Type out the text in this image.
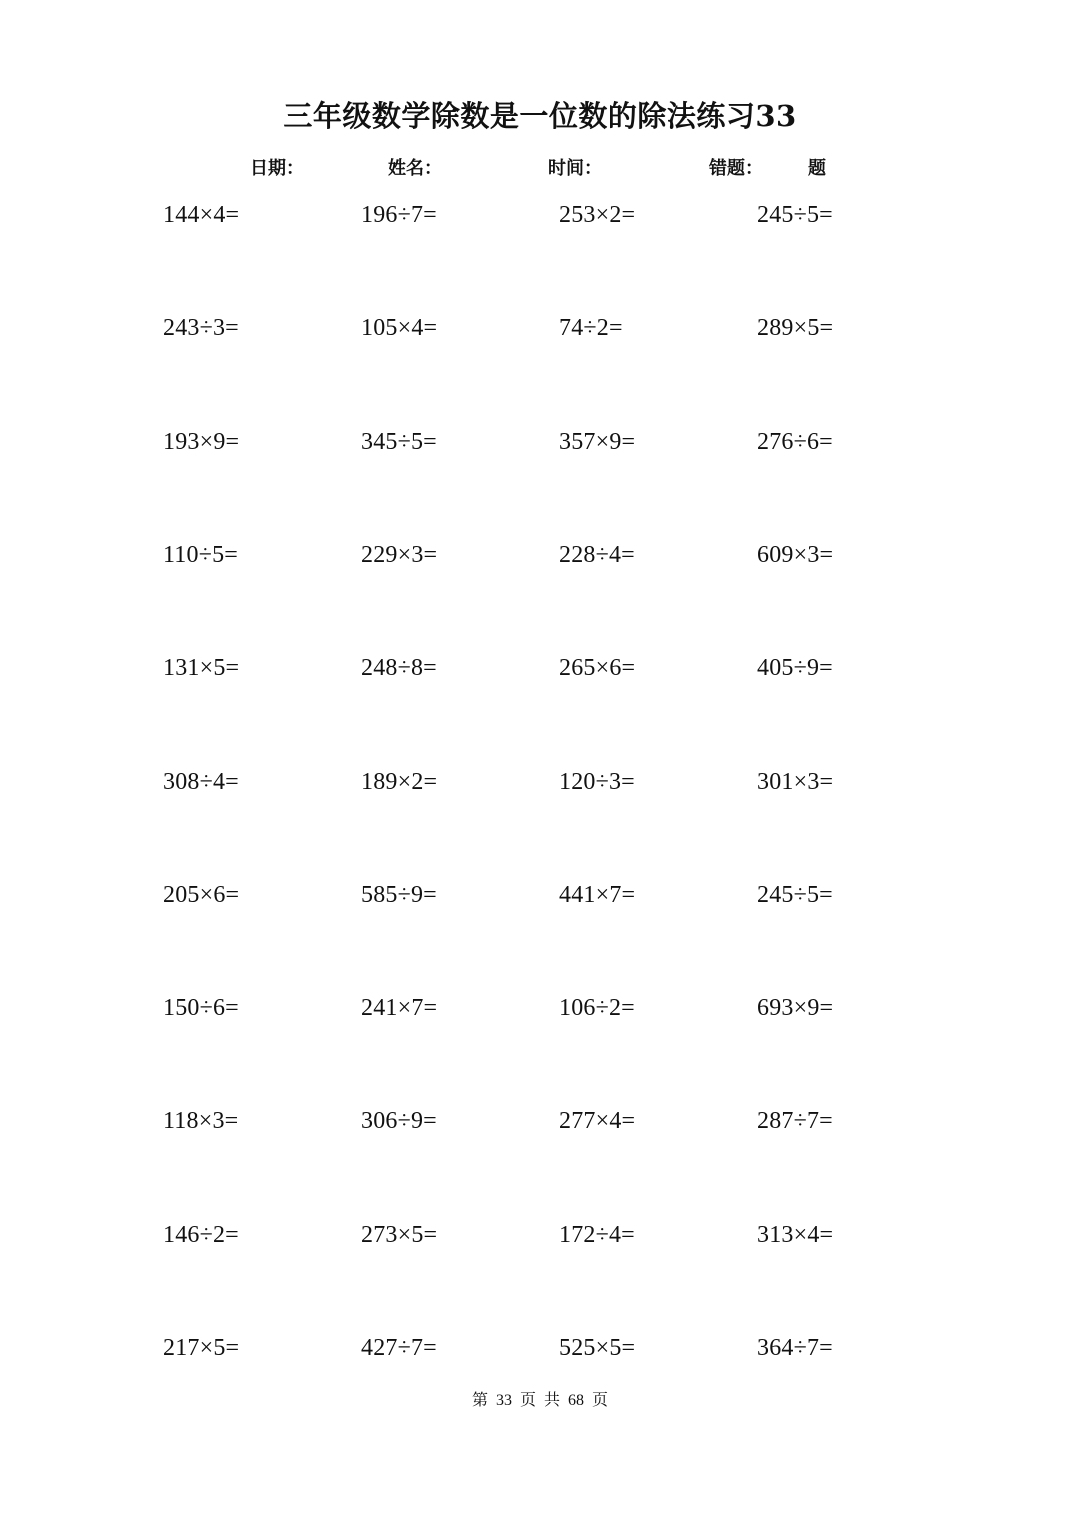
三年级数学除数是一位数的除法练习33
日期：	姓名：	时间：	错题：	题
144×4=	196÷7=	253×2=	245÷5=
243÷3=	105×4=	74÷2=	289×5=
193×9=	345÷5=	357×9=	276÷6=
110÷5=	229×3=	228÷4=	609×3=
131×5=	248÷8=	265×6=	405÷9=
308÷4=	189×2=	120÷3=	301×3=
205×6=	585÷9=	441×7=	245÷5=
150÷6=	241×7=	106÷2=	693×9=
118×3=	306÷9=	277×4=	287÷7=
146÷2=	273×5=	172÷4=	313×4=
217×5=	427÷7=	525×5=	364÷7=
第 33 页 共 68 页
